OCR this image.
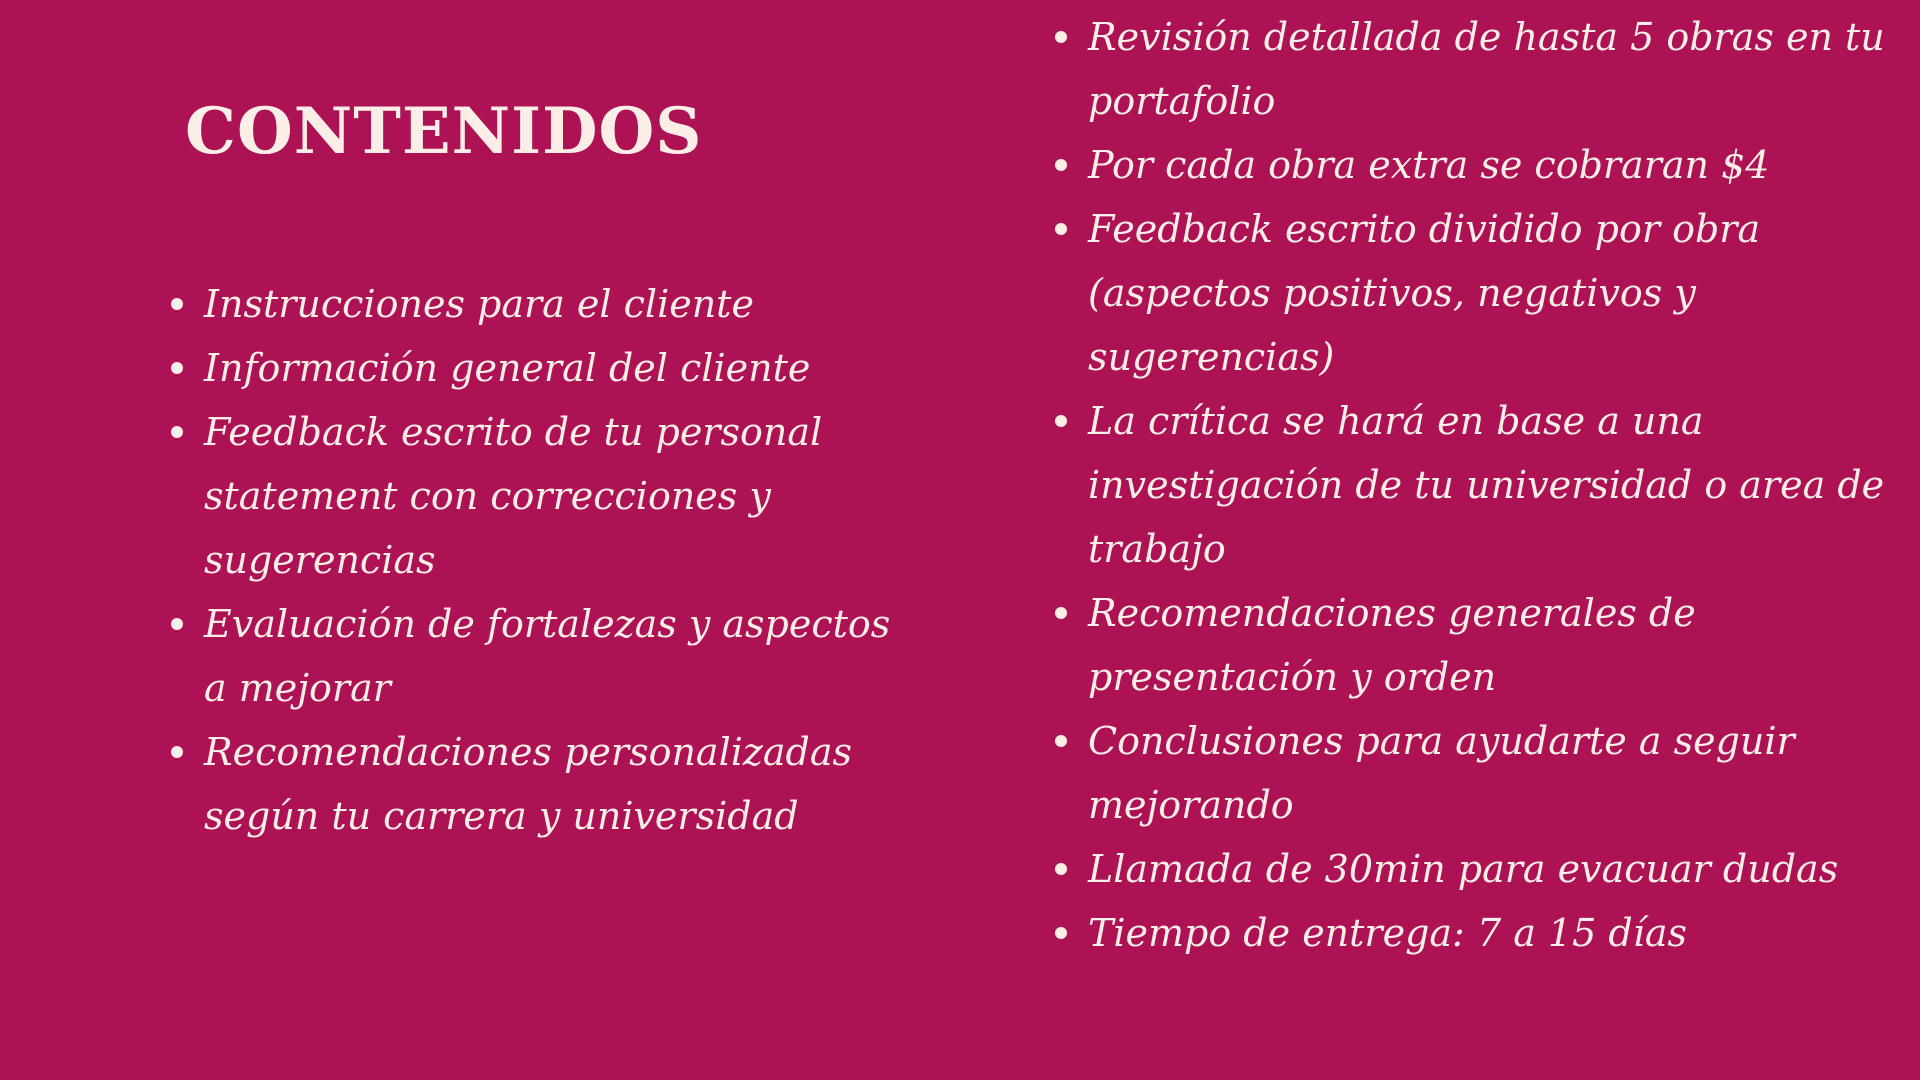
CONTENIDOS
Instrucciones para el cliente
Información general del cliente
Feedback escrito de tu personal statement con correcciones y sugerencias
Evaluación de fortalezas y aspectos a mejorar
Recomendaciones personalizadas según tu carrera y universidad
Revisión detallada de hasta 5 obras en tu portafolio
Por cada obra extra se cobraran $4
Feedback escrito dividido por obra (aspectos positivos, negativos y sugerencias)
La crítica se hará en base a una investigación de tu universidad o area de trabajo
Recomendaciones generales de presentación y orden
Conclusiones para ayudarte a seguir mejorando
Llamada de 30min para evacuar dudas
Tiempo de entrega: 7 a 15 días
